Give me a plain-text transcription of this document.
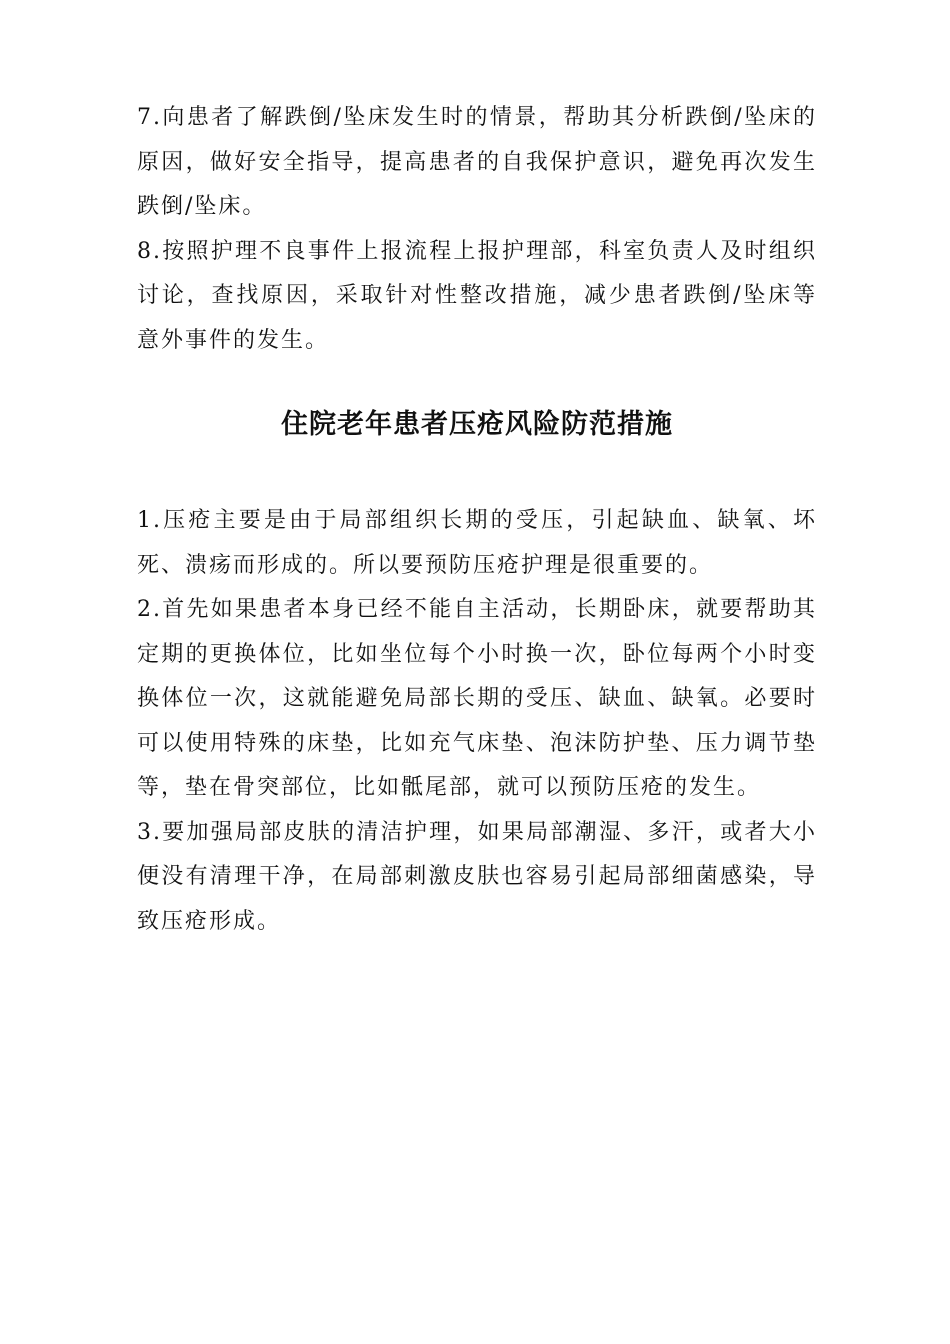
7.向患者了解跌倒/坠床发生时的情景，帮助其分析跌倒/坠床的原因，做好安全指导，提高患者的自我保护意识，避免再次发生跌倒/坠床。

8.按照护理不良事件上报流程上报护理部，科室负责人及时组织讨论，查找原因，采取针对性整改措施，减少患者跌倒/坠床等意外事件的发生。

住院老年患者压疮风险防范措施

1.压疮主要是由于局部组织长期的受压，引起缺血、缺氧、坏死、溃疡而形成的。所以要预防压疮护理是很重要的。

2.首先如果患者本身已经不能自主活动，长期卧床，就要帮助其定期的更换体位，比如坐位每个小时换一次，卧位每两个小时变换体位一次，这就能避免局部长期的受压、缺血、缺氧。必要时可以使用特殊的床垫，比如充气床垫、泡沫防护垫、压力调节垫等，垫在骨突部位，比如骶尾部，就可以预防压疮的发生。

3.要加强局部皮肤的清洁护理，如果局部潮湿、多汗，或者大小便没有清理干净，在局部刺激皮肤也容易引起局部细菌感染，导致压疮形成。
